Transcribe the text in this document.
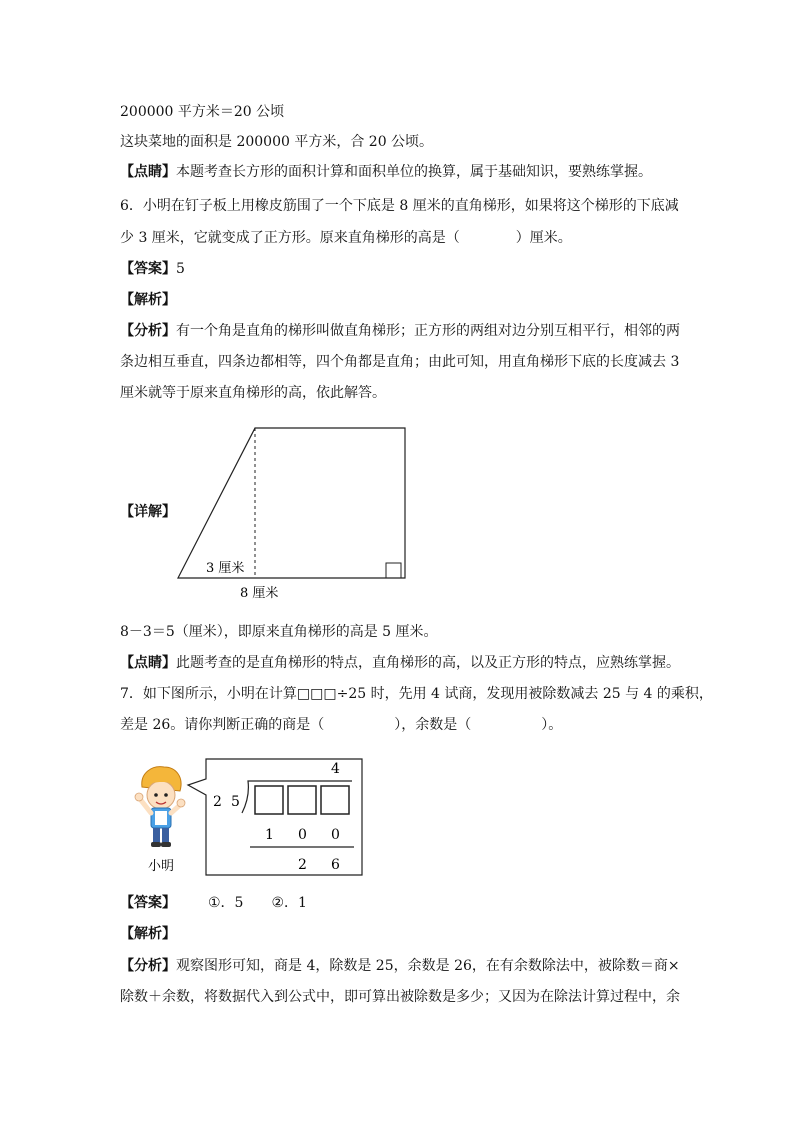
200000 平方米＝20 公顷
这块菜地的面积是 200000 平方米，合 20 公顷。
【点睛】本题考查长方形的面积计算和面积单位的换算，属于基础知识，要熟练掌握。
6．小明在钉子板上用橡皮筋围了一个下底是 8 厘米的直角梯形，如果将这个梯形的下底减
少 3 厘米，它就变成了正方形。原来直角梯形的高是（　　　　）厘米。
【答案】5
【解析】
【分析】有一个角是直角的梯形叫做直角梯形；正方形的两组对边分别互相平行，相邻的两
条边相互垂直，四条边都相等，四个角都是直角；由此可知，用直角梯形下底的长度减去 3
厘米就等于原来直角梯形的高，依此解答。
【详解】
3 厘米
8 厘米
8－3＝5（厘米），即原来直角梯形的高是 5 厘米。
【点睛】此题考查的是直角梯形的特点，直角梯形的高，以及正方形的特点，应熟练掌握。
7．如下图所示，小明在计算□□□÷25 时，先用 4 试商，发现用被除数减去 25 与 4 的乘积，
差是 26。请你判断正确的商是（　　　　　），余数是（　　　　　）。
小明
4
2 5
1 0 0
2 6
【答案】 ①．5　　②．1
【解析】
【分析】观察图形可知，商是 4，除数是 25，余数是 26，在有余数除法中，被除数＝商×
除数＋余数，将数据代入到公式中，即可算出被除数是多少；又因为在除法计算过程中，余
